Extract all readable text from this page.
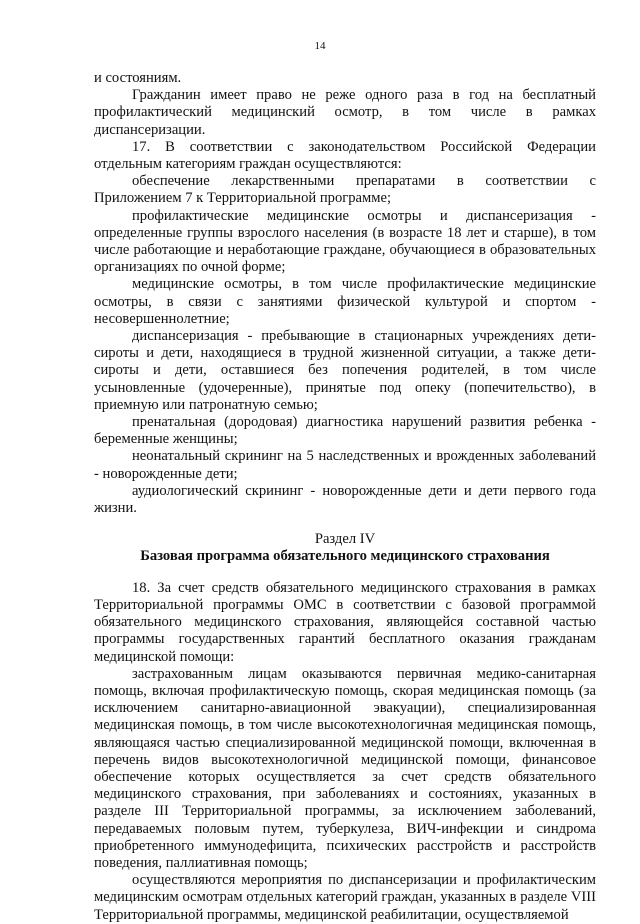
14

и состояниям.

Гражданин имеет право не реже одного раза в год на бесплатный профилактический медицинский осмотр, в том числе в рамках диспансеризации.

17. В соответствии с законодательством Российской Федерации отдельным категориям граждан осуществляются:

обеспечение лекарственными препаратами в соответствии с Приложением 7 к Территориальной программе;

профилактические медицинские осмотры и диспансеризация - определенные группы взрослого населения (в возрасте 18 лет и старше), в том числе работающие и неработающие граждане, обучающиеся в образовательных организациях по очной форме;

медицинские осмотры, в том числе профилактические медицинские осмотры, в связи с занятиями физической культурой и спортом - несовершеннолетние;

диспансеризация - пребывающие в стационарных учреждениях дети-сироты и дети, находящиеся в трудной жизненной ситуации, а также дети-сироты и дети, оставшиеся без попечения родителей, в том числе усыновленные (удочеренные), принятые под опеку (попечительство), в приемную или патронатную семью;

пренатальная (дородовая) диагностика нарушений развития ребенка - беременные женщины;

неонатальный скрининг на 5 наследственных и врожденных заболеваний - новорожденные дети;

аудиологический скрининг - новорожденные дети и дети первого года жизни.

Раздел IV

Базовая программа обязательного медицинского страхования

18. За счет средств обязательного медицинского страхования в рамках Территориальной программы ОМС в соответствии с базовой программой обязательного медицинского страхования, являющейся составной частью программы государственных гарантий бесплатного оказания гражданам медицинской помощи:

застрахованным лицам оказываются первичная медико-санитарная помощь, включая профилактическую помощь, скорая медицинская помощь (за исключением санитарно-авиационной эвакуации), специализированная медицинская помощь, в том числе высокотехнологичная медицинская помощь, являющаяся частью специализированной медицинской помощи, включенная в перечень видов высокотехнологичной медицинской помощи, финансовое обеспечение которых осуществляется за счет средств обязательного медицинского страхования, при заболеваниях и состояниях, указанных в разделе III Территориальной программы, за исключением заболеваний, передаваемых половым путем, туберкулеза, ВИЧ-инфекции и синдрома приобретенного иммунодефицита, психических расстройств и расстройств поведения, паллиативная помощь;

осуществляются мероприятия по диспансеризации и профилактическим медицинским осмотрам отдельных категорий граждан, указанных в разделе VIII Территориальной программы, медицинской реабилитации, осуществляемой
